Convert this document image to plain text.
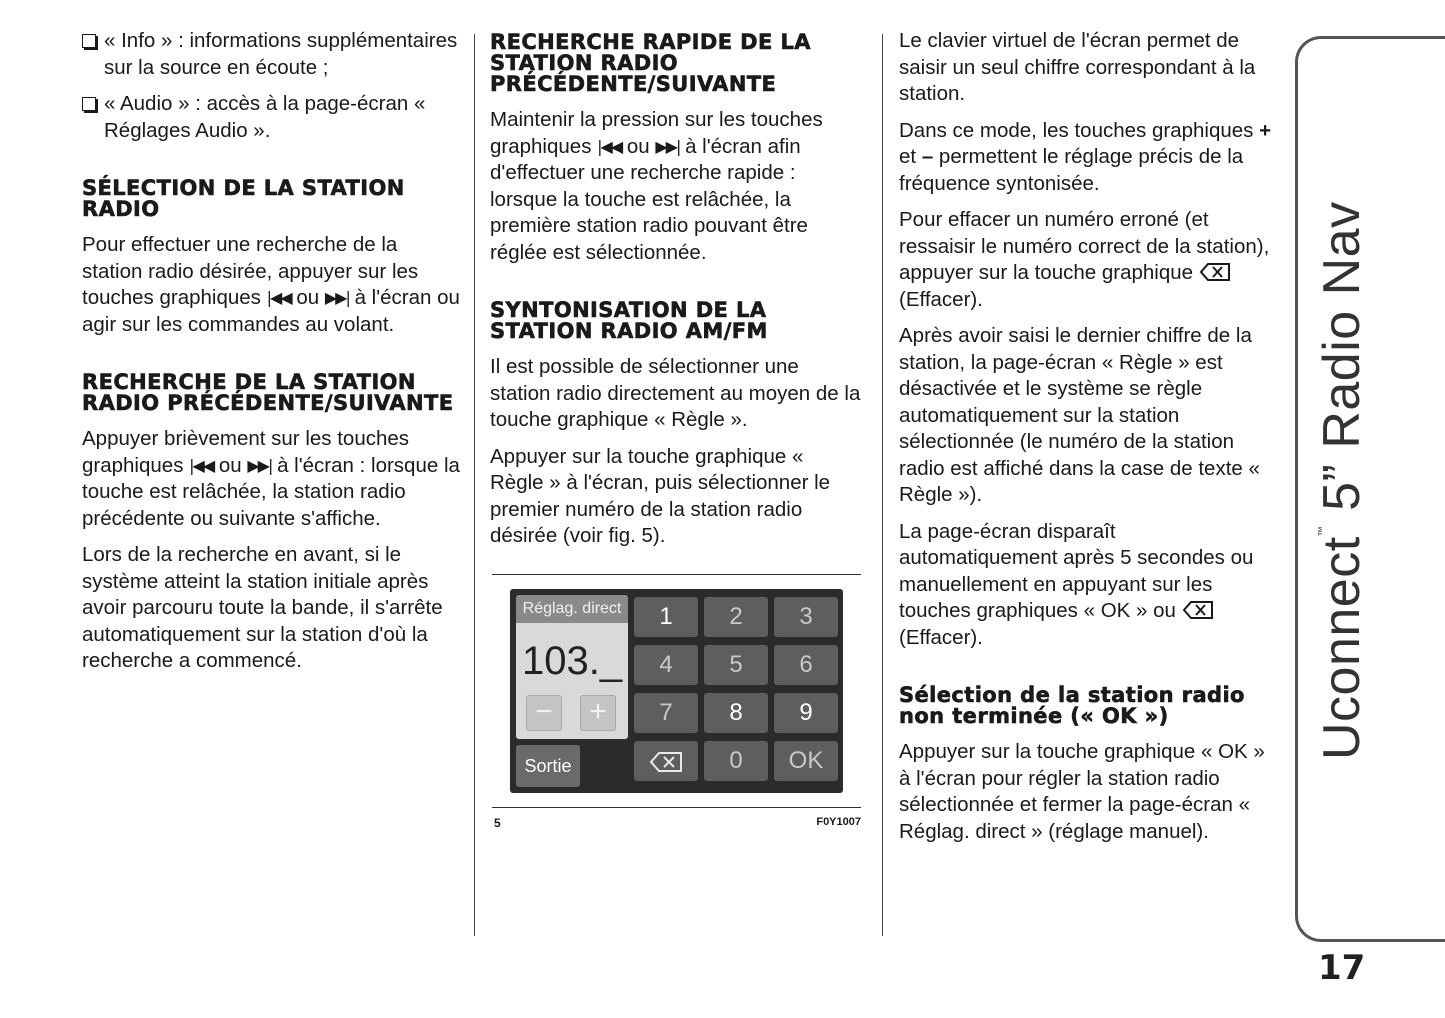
« Info » : informations supplémentaires sur la source en écoute ;

« Audio » : accès à la page-écran « Réglages Audio ».

SÉLECTION DE LA STATION RADIO

Pour effectuer une recherche de la station radio désirée, appuyer sur les touches graphiques |◀◀ ou ▶▶| à l'écran ou agir sur les commandes au volant.

RECHERCHE DE LA STATION RADIO PRÉCÉDENTE/SUIVANTE

Appuyer brièvement sur les touches graphiques |◀◀ ou ▶▶| à l'écran : lorsque la touche est relâchée, la station radio précédente ou suivante s'affiche.

Lors de la recherche en avant, si le système atteint la station initiale après avoir parcouru toute la bande, il s'arrête automatiquement sur la station d'où la recherche a commencé.

RECHERCHE RAPIDE DE LA STATION RADIO PRÉCÉDENTE/SUIVANTE

Maintenir la pression sur les touches graphiques |◀◀ ou ▶▶| à l'écran afin d'effectuer une recherche rapide : lorsque la touche est relâchée, la première station radio pouvant être réglée est sélectionnée.

SYNTONISATION DE LA STATION RADIO AM/FM

Il est possible de sélectionner une station radio directement au moyen de la touche graphique « Règle ».

Appuyer sur la touche graphique « Règle » à l'écran, puis sélectionner le premier numéro de la station radio désirée (voir fig. 5).

Réglag. direct
103._
−	+
1	2	3
4	5	6
7	8	9
Sortie	0	OK
5	F0Y1007

Le clavier virtuel de l'écran permet de saisir un seul chiffre correspondant à la station.

Dans ce mode, les touches graphiques + et – permettent le réglage précis de la fréquence syntonisée.

Pour effacer un numéro erroné (et ressaisir le numéro correct de la station), appuyer sur la touche graphique  (Effacer).

Après avoir saisi le dernier chiffre de la station, la page-écran « Règle » est désactivée et le système se règle automatiquement sur la station sélectionnée (le numéro de la station radio est affiché dans la case de texte « Règle »).

La page-écran disparaît automatiquement après 5 secondes ou manuellement en appuyant sur les touches graphiques « OK » ou  (Effacer).

Sélection de la station radio non terminée (« OK »)

Appuyer sur la touche graphique « OK » à l'écran pour régler la station radio sélectionnée et fermer la page-écran « Réglag. direct » (réglage manuel).

Uconnect™ 5” Radio Nav
17
